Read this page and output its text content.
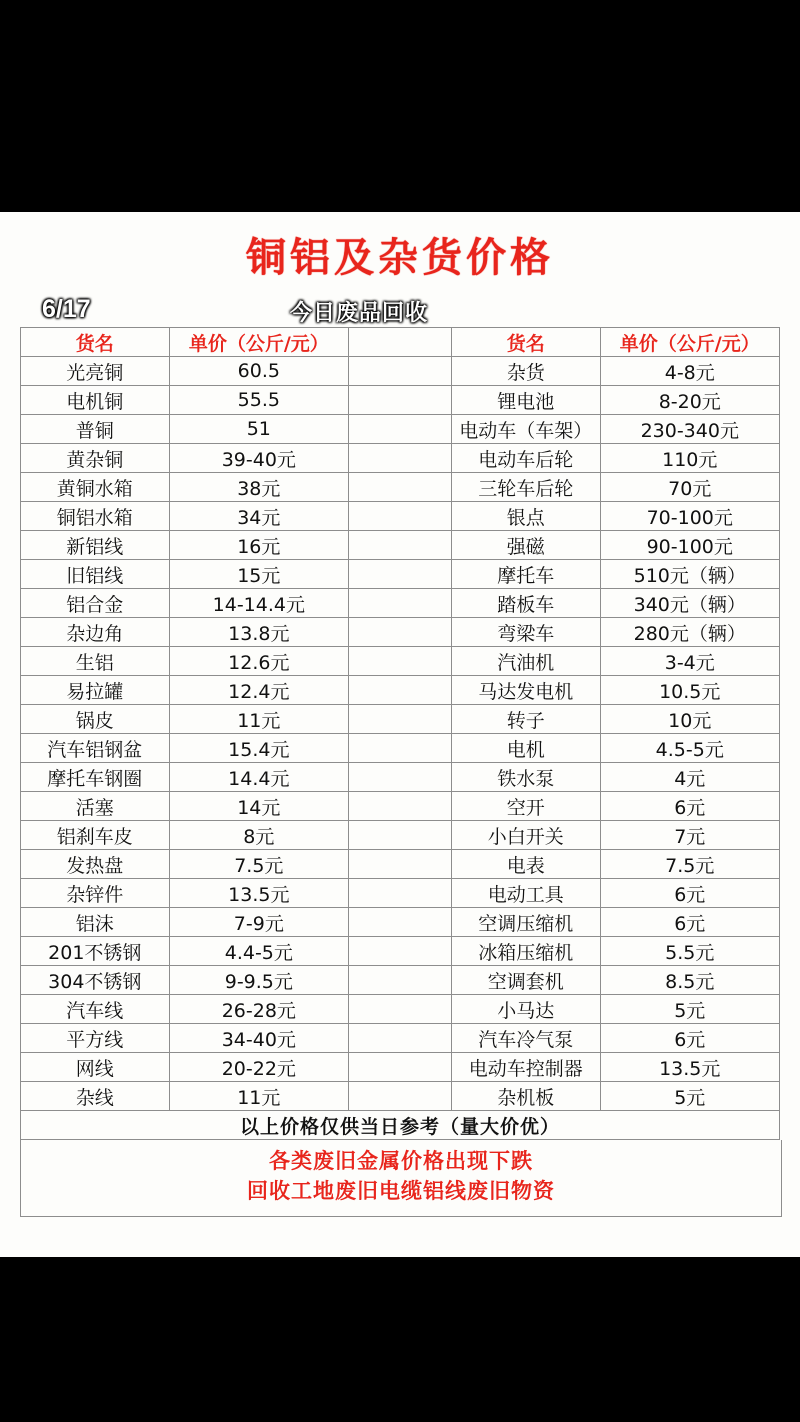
铜铝及杂货价格
6/17	今日废品回收
货名	单价（公斤/元）		货名	单价（公斤/元）
光亮铜	60.5		杂货	4-8元
电机铜	55.5		锂电池	8-20元
普铜	51		电动车（车架）	230-340元
黄杂铜	39-40元		电动车后轮	110元
黄铜水箱	38元		三轮车后轮	70元
铜铝水箱	34元		银点	70-100元
新铝线	16元		强磁	90-100元
旧铝线	15元		摩托车	510元（辆）
铝合金	14-14.4元		踏板车	340元（辆）
杂边角	13.8元		弯梁车	280元（辆）
生铝	12.6元		汽油机	3-4元
易拉罐	12.4元		马达发电机	10.5元
锅皮	11元		转子	10元
汽车铝钢盆	15.4元		电机	4.5-5元
摩托车钢圈	14.4元		铁水泵	4元
活塞	14元		空开	6元
铝刹车皮	8元		小白开关	7元
发热盘	7.5元		电表	7.5元
杂锌件	13.5元		电动工具	6元
铝沫	7-9元		空调压缩机	6元
201不锈钢	4.4-5元		冰箱压缩机	5.5元
304不锈钢	9-9.5元		空调套机	8.5元
汽车线	26-28元		小马达	5元
平方线	34-40元		汽车冷气泵	6元
网线	20-22元		电动车控制器	13.5元
杂线	11元		杂机板	5元
以上价格仅供当日参考（量大价优）				
各类废旧金属价格出现下跌
回收工地废旧电缆铝线废旧物资
